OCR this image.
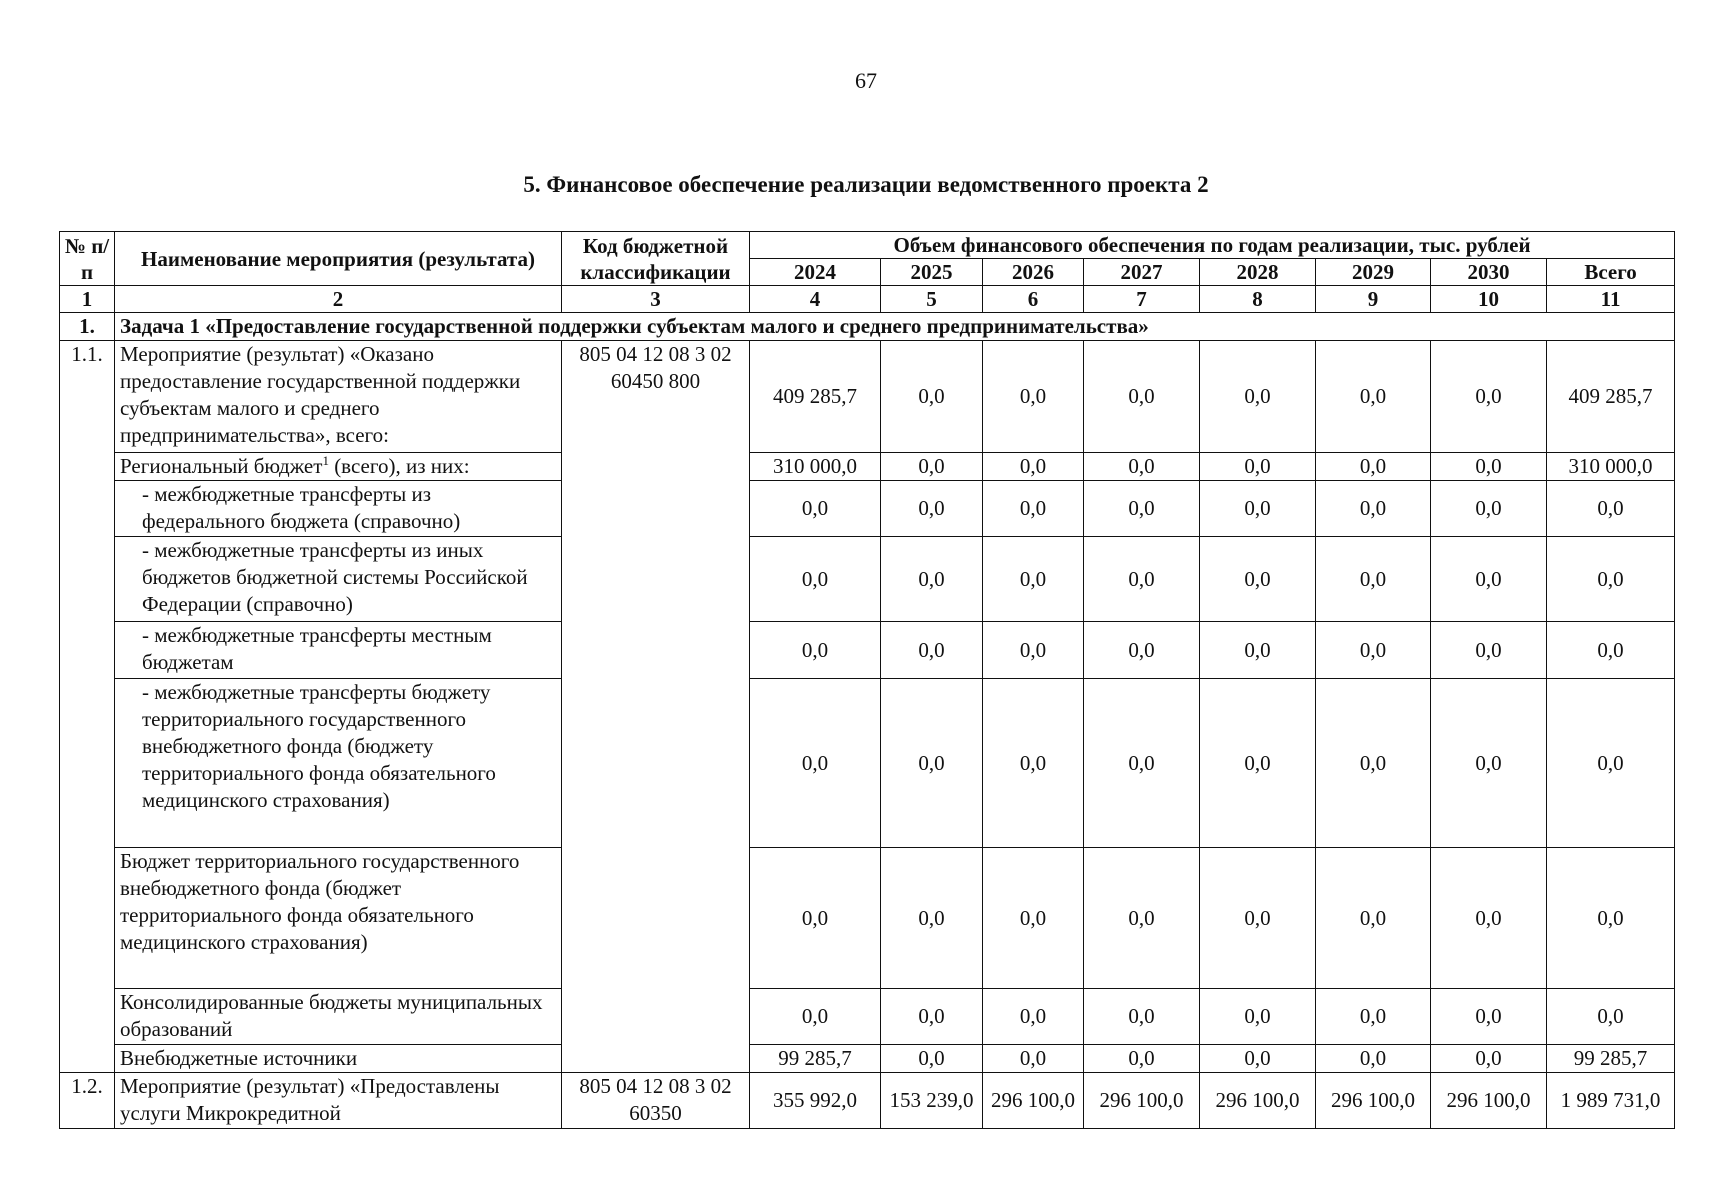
67
5. Финансовое обеспечение реализации ведомственного проекта 2
№ п/п	Наименование мероприятия (результата)	Код бюджетной классификации	Объем финансового обеспечения по годам реализации, тыс. рублей							
			2024	2025	2026	2027	2028	2029	2030	Всего
1	2	3	4	5	6	7	8	9	10	11
1.	Задача 1 «Предоставление государственной поддержки субъектам малого и среднего предпринимательства»									
1.1.	Мероприятие (результат) «Оказано предоставление государственной поддержки субъектам малого и среднего предпринимательства», всего:	805 04 12 08 3 02 60450 800	409 285,7	0,0	0,0	0,0	0,0	0,0	0,0	409 285,7
	Региональный бюджет$^1$ (всего), из них:		310 000,0	0,0	0,0	0,0	0,0	0,0	0,0	310 000,0
	- межбюджетные трансферты из федерального бюджета (справочно)		0,0	0,0	0,0	0,0	0,0	0,0	0,0	0,0
	- межбюджетные трансферты из иных бюджетов бюджетной системы Российской Федерации (справочно)		0,0	0,0	0,0	0,0	0,0	0,0	0,0	0,0
	- межбюджетные трансферты местным бюджетам		0,0	0,0	0,0	0,0	0,0	0,0	0,0	0,0
	- межбюджетные трансферты бюджету территориального государственного внебюджетного фонда (бюджету территориального фонда обязательного медицинского страхования)		0,0	0,0	0,0	0,0	0,0	0,0	0,0	0,0
	Бюджет территориального государственного внебюджетного фонда (бюджет территориального фонда обязательного медицинского страхования)		0,0	0,0	0,0	0,0	0,0	0,0	0,0	0,0
	Консолидированные бюджеты муниципальных образований		0,0	0,0	0,0	0,0	0,0	0,0	0,0	0,0
	Внебюджетные источники		99 285,7	0,0	0,0	0,0	0,0	0,0	0,0	99 285,7
1.2.	Мероприятие (результат) «Предоставлены услуги Микрокредитной	805 04 12 08 3 02 60350	355 992,0	153 239,0	296 100,0	296 100,0	296 100,0	296 100,0	296 100,0	1 989 731,0
